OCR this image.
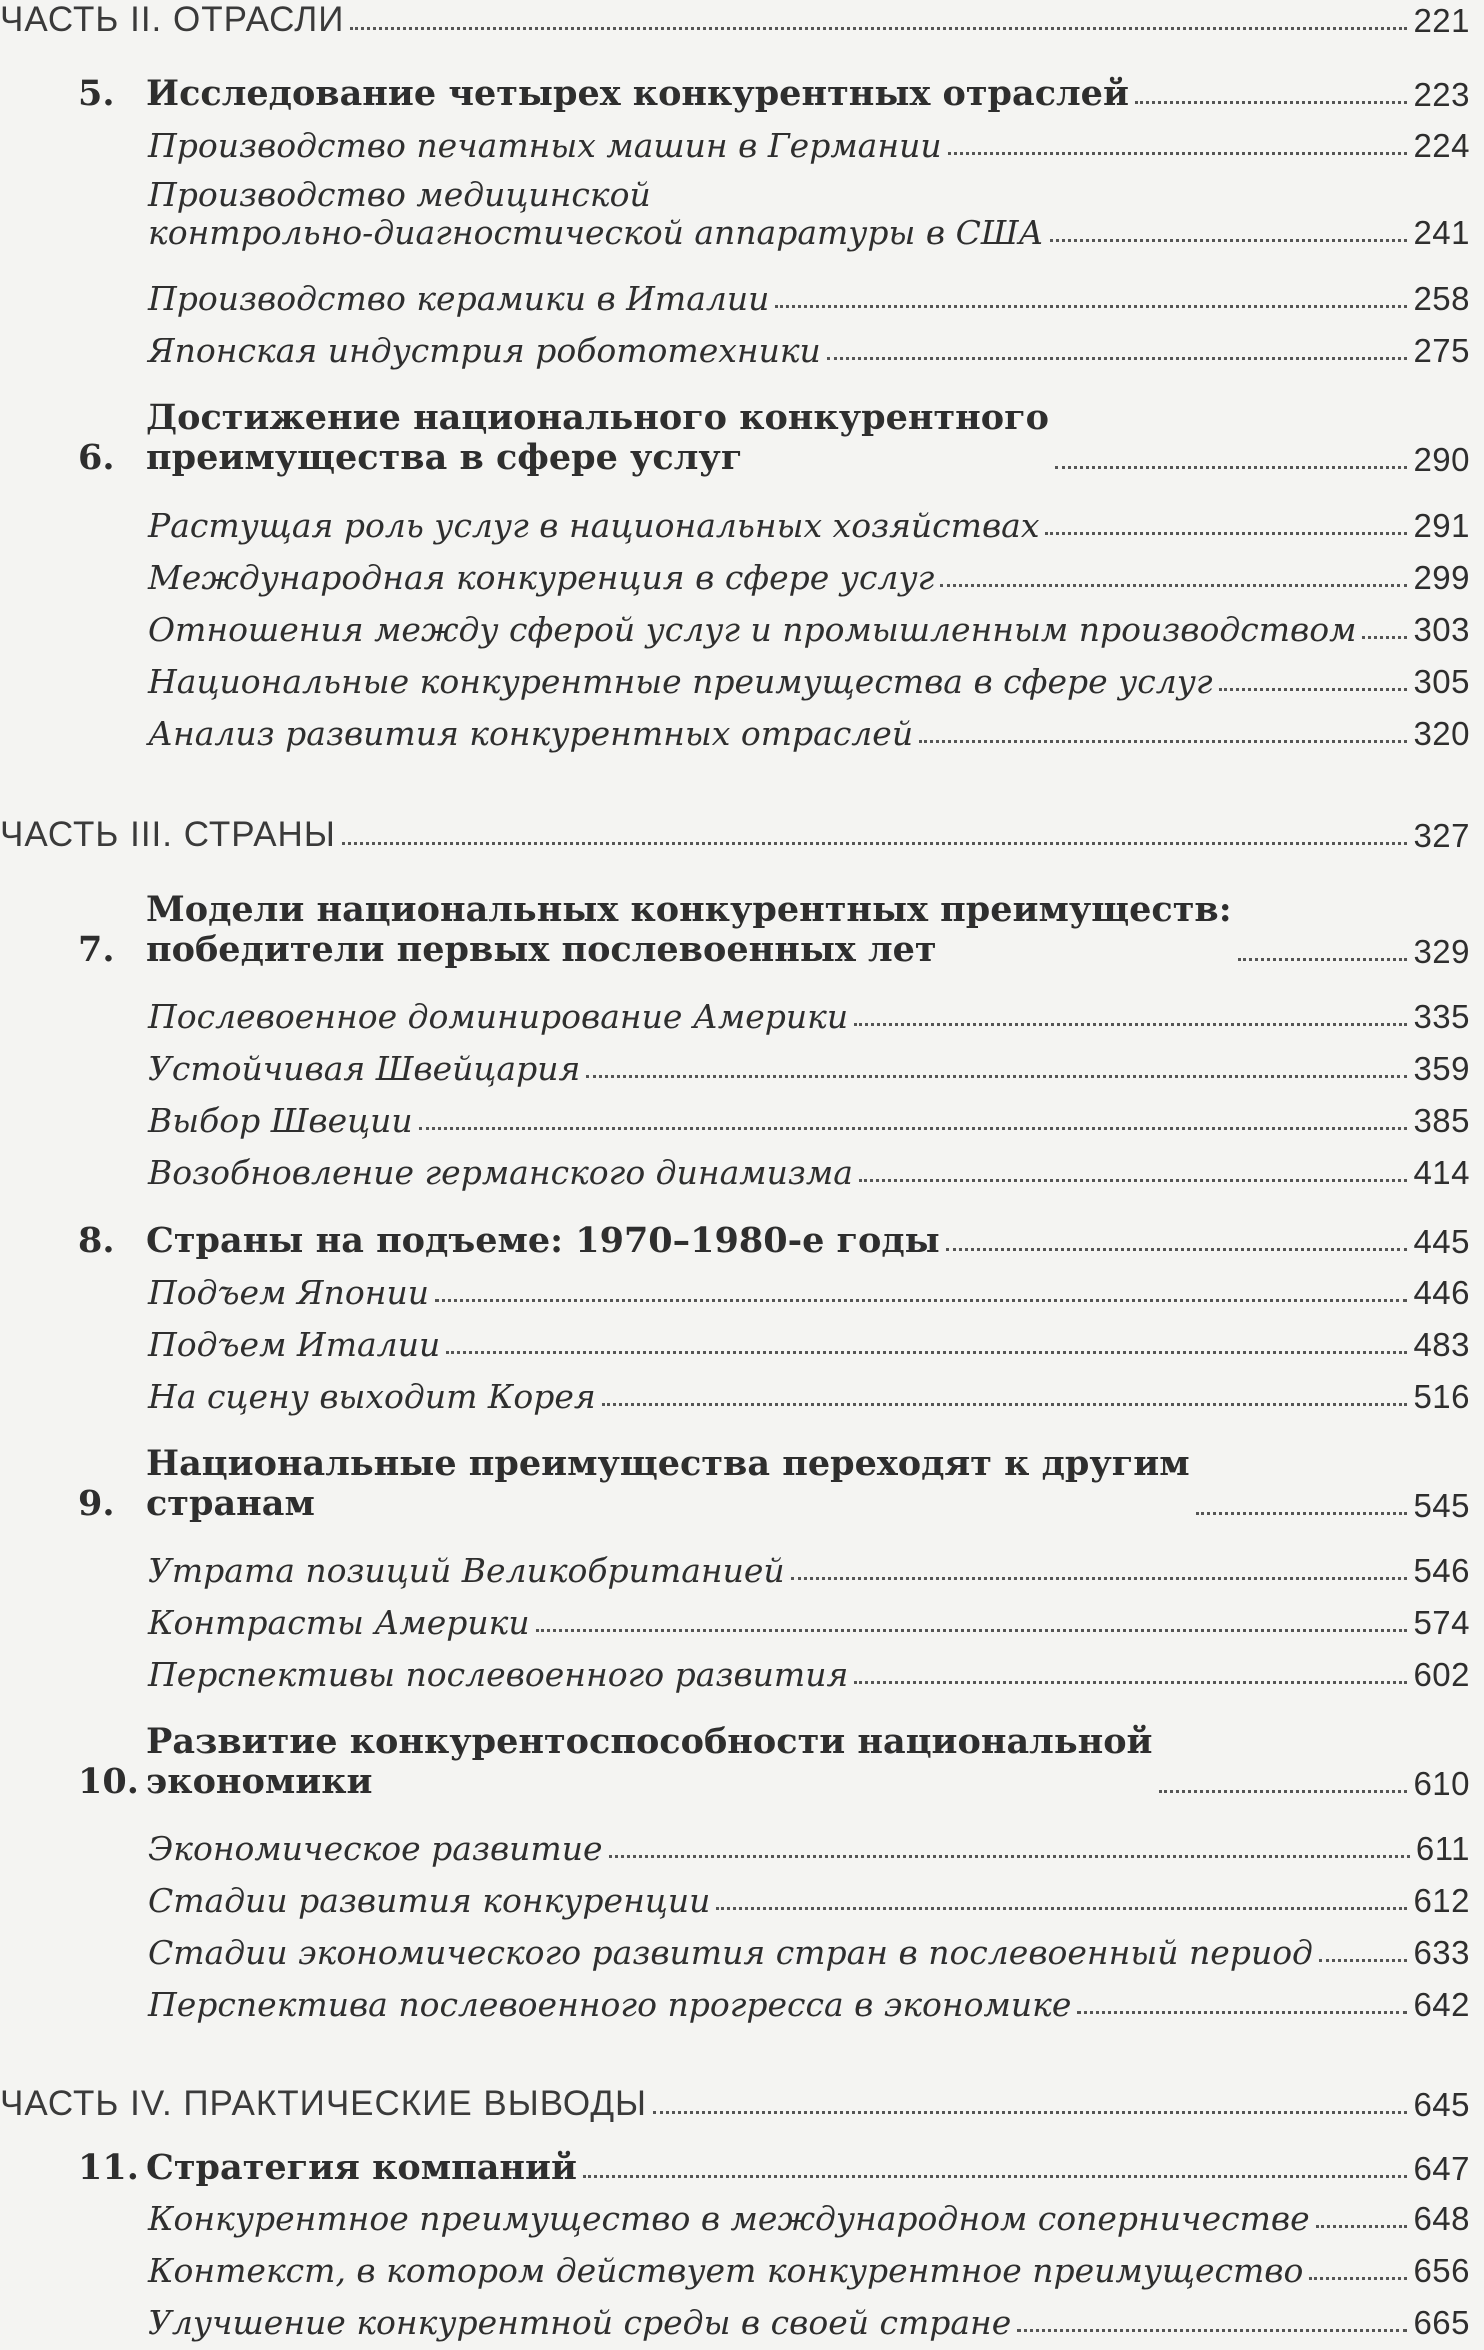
ЧАСТЬ II. ОТРАСЛИ	221
5. Исследование четырех конкурентных отраслей	223
Производство печатных машин в Германии	224
Производство медицинской
контрольно-диагностической аппаратуры в США	241
Производство керамики в Италии	258
Японская индустрия робототехники	275
6.
Достижение национального конкурентного
преимущества в сфере услуг	290
Растущая роль услуг в национальных хозяйствах	291
Международная конкуренция в сфере услуг	299
Отношения между сферой услуг и промышленным производством 303
Национальные конкурентные преимущества в сфере услуг	305
Анализ развития конкурентных отраслей	320
ЧАСТЬ III. СТРАНЫ	327
7.
Модели национальных конкурентных преимуществ:
победители первых послевоенных лет	329
Послевоенное доминирование Америки	335
Устойчивая Швейцария	359
Выбор Швеции	385
Возобновление германского динамизма	414
8. Страны на подъеме: 1970–1980-е годы	445
Подъем Японии	446
Подъем Италии	483
На сцену выходит Корея	516
9.
Национальные преимущества переходят к другим
странам	545
Утрата позиций Великобританией	546
Контрасты Америки	574
Перспективы послевоенного развития	602
10.
Развитие конкурентоспособности национальной
экономики	610
Экономическое развитие	611
Стадии развития конкуренции	612
Стадии экономического развития стран в послевоенный период	633
Перспектива послевоенного прогресса в экономике	642
ЧАСТЬ IV. ПРАКТИЧЕСКИЕ ВЫВОДЫ	645
11. Стратегия компаний	647
Конкурентное преимущество в международном соперничестве	648
Контекст, в котором действует конкурентное преимущество	656
Улучшение конкурентной среды в своей стране	665
